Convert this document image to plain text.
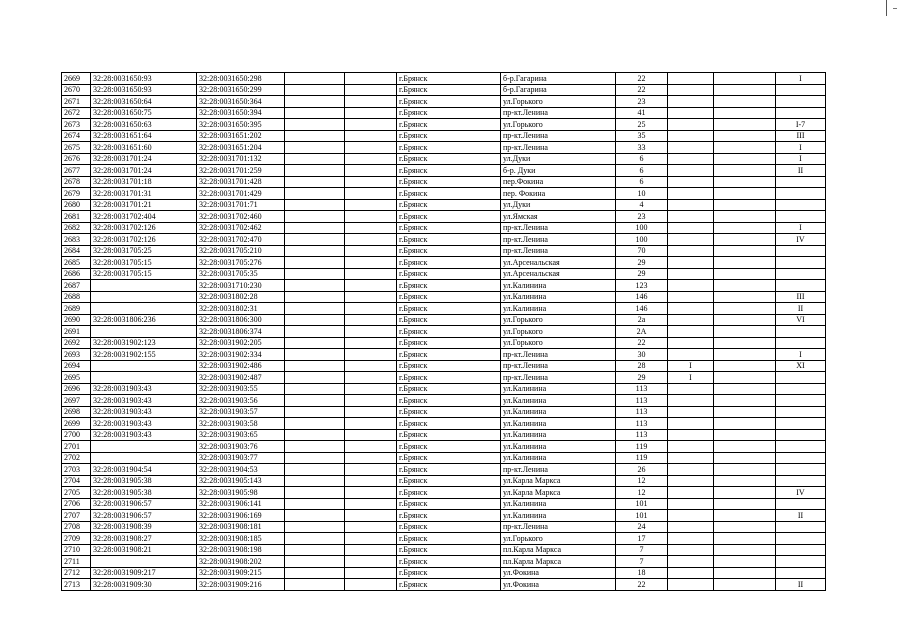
2669	32:28:0031650:93	32:28:0031650:298			г.Брянск	б-р.Гагарина	22			I
2670	32:28:0031650:93	32:28:0031650:299			г.Брянск	б-р.Гагарина	22			
2671	32:28:0031650:64	32:28:0031650:364			г.Брянск	ул.Горького	23			
2672	32:28:0031650:75	32:28:0031650:394			г.Брянск	пр-кт.Ленина	41			
2673	32:28:0031650:63	32:28:0031650:395			г.Брянск	ул.Горького	25			I-7
2674	32:28:0031651:64	32:28:0031651:202			г.Брянск	пр-кт.Ленина	35			III
2675	32:28:0031651:60	32:28:0031651:204			г.Брянск	пр-кт.Ленина	33			I
2676	32:28:0031701:24	32:28:0031701:132			г.Брянск	ул.Дуки	6			I
2677	32:28:0031701:24	32:28:0031701:259			г.Брянск	б-р. Дуки	6			II
2678	32:28:0031701:18	32:28:0031701:428			г.Брянск	пер.Фокина	6			
2679	32:28:0031701:31	32:28:0031701:429			г.Брянск	пер. Фокина	10			
2680	32:28:0031701:21	32:28:0031701:71			г.Брянск	ул.Дуки	4			
2681	32:28:0031702:404	32:28:0031702:460			г.Брянск	ул.Ямская	23			
2682	32:28:0031702:126	32:28:0031702:462			г.Брянск	пр-кт.Ленина	100			I
2683	32:28:0031702:126	32:28:0031702:470			г.Брянск	пр-кт.Ленина	100			IV
2684	32:28:0031705:25	32:28:0031705:210			г.Брянск	пр-кт.Ленина	70			
2685	32:28:0031705:15	32:28:0031705:276			г.Брянск	ул.Арсенальская	29			
2686	32:28:0031705:15	32:28:0031705:35			г.Брянск	ул.Арсенальская	29			
2687		32:28:0031710:230			г.Брянск	ул.Калинина	123			
2688		32:28:0031802:28			г.Брянск	ул.Калинина	146			III
2689		32:28:0031802:31			г.Брянск	ул.Калинина	146			II
2690	32:28:0031806:236	32:28:0031806:300			г.Брянск	ул.Горького	2а			VI
2691		32:28:0031806:374			г.Брянск	ул.Горького	2А			
2692	32:28:0031902:123	32:28:0031902:205			г.Брянск	ул.Горького	22			
2693	32:28:0031902:155	32:28:0031902:334			г.Брянск	пр-кт.Ленина	30			I
2694		32:28:0031902:486			г.Брянск	пр-кт.Ленина	28	I		XI
2695		32:28:0031902:487			г.Брянск	пр-кт.Ленина	29	I		
2696	32:28:0031903:43	32:28:0031903:55			г.Брянск	ул.Калинина	113			
2697	32:28:0031903:43	32:28:0031903:56			г.Брянск	ул.Калинина	113			
2698	32:28:0031903:43	32:28:0031903:57			г.Брянск	ул.Калинина	113			
2699	32:28:0031903:43	32:28:0031903:58			г.Брянск	ул.Калинина	113			
2700	32:28:0031903:43	32:28:0031903:65			г.Брянск	ул.Калинина	113			
2701		32:28:0031903:76			г.Брянск	ул.Калинина	119			
2702		32:28:0031903:77			г.Брянск	ул.Калинина	119			
2703	32:28:0031904:54	32:28:0031904:53			г.Брянск	пр-кт.Ленина	26			
2704	32:28:0031905:38	32:28:0031905:143			г.Брянск	ул.Карла Маркса	12			
2705	32:28:0031905:38	32:28:0031905:98			г.Брянск	ул.Карла Маркса	12			IV
2706	32:28:0031906:57	32:28:0031906:141			г.Брянск	ул.Калинина	101			
2707	32:28:0031906:57	32:28:0031906:169			г.Брянск	ул.Калинина	101			II
2708	32:28:0031908:39	32:28:0031908:181			г.Брянск	пр-кт.Ленина	24			
2709	32:28:0031908:27	32:28:0031908:185			г.Брянск	ул.Горького	17			
2710	32:28:0031908:21	32:28:0031908:198			г.Брянск	пл.Карла Маркса	7			
2711		32:28:0031908:202			г.Брянск	пл.Карла Маркса	7			
2712	32:28:0031909:217	32:28:0031909:215			г.Брянск	ул.Фокина	18			
2713	32:28:0031909:30	32:28:0031909:216			г.Брянск	ул.Фокина	22			II
